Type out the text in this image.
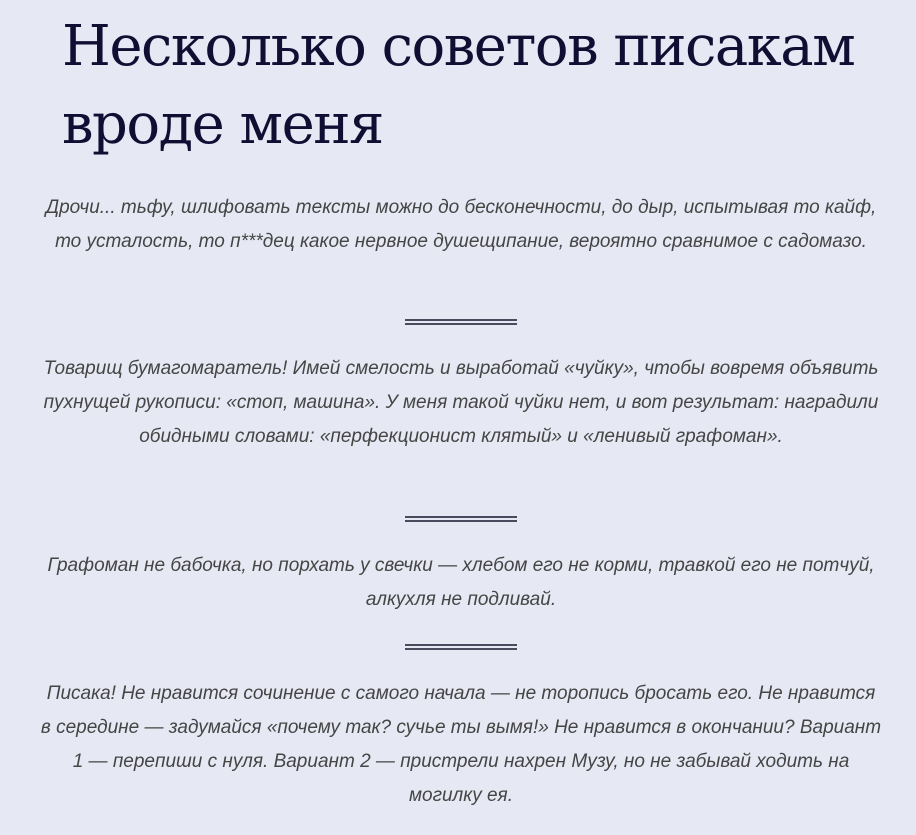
Несколько советов писакам вроде меня

Дрочи... тьфу, шлифовать тексты можно до бесконечности, до дыр, испытывая то кайф, то усталость, то п***дец какое нервное душещипание, вероятно сравнимое с садомазо.

Товарищ бумагомаратель! Имей смелость и выработай «чуйку», чтобы вовремя объявить пухнущей рукописи: «стоп, машина». У меня такой чуйки нет, и вот результат: наградили обидными словами: «перфекционист клятый» и «ленивый графоман».

Графоман не бабочка, но порхать у свечки — хлебом его не корми, травкой его не потчуй, алкухля не подливай.

Писака! Не нравится сочинение с самого начала — не торопись бросать его. Не нравится в середине — задумайся «почему так? сучье ты вымя!» Не нравится в окончании? Вариант 1 — перепиши с нуля. Вариант 2 — пристрели нахрен Музу, но не забывай ходить на могилку ея.
